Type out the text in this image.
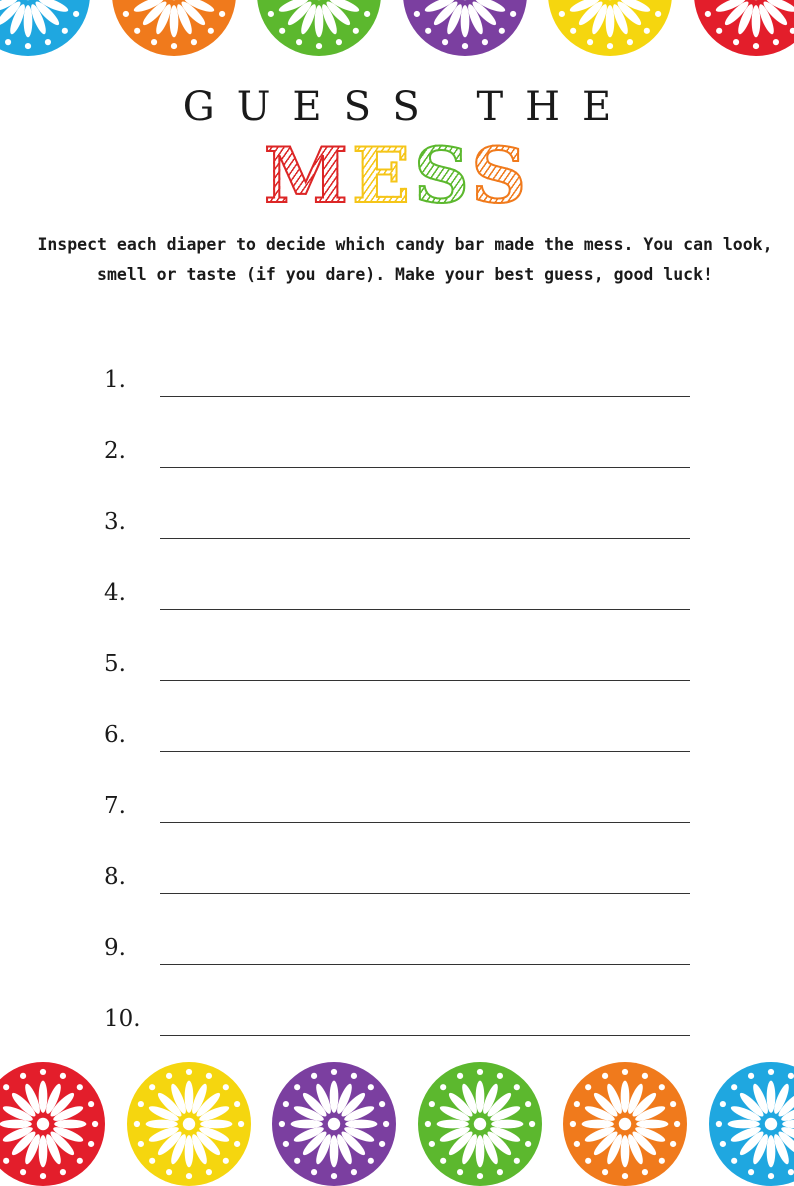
GUESS THE
MESS

Inspect each diaper to decide which candy bar made the mess. You can look, smell or taste (if you dare). Make your best guess, good luck!

1.
2.
3.
4.
5.
6.
7.
8.
9.
10.
